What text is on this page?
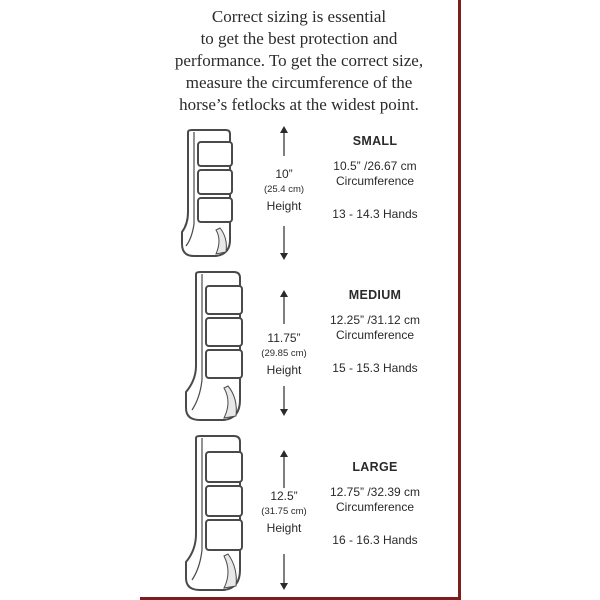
Correct sizing is essential
to get the best protection and
performance. To get the correct size,
measure the circumference of the
horse’s fetlocks at the widest point.

10”
(25.4 cm)
Height
SMALL
10.5” /26.67 cm
Circumference
13 - 14.3 Hands
11.75”
(29.85 cm)
Height
MEDIUM
12.25” /31.12 cm
Circumference
15 - 15.3 Hands
12.5”
(31.75 cm)
Height
LARGE
12.75” /32.39 cm
Circumference
16 - 16.3 Hands
